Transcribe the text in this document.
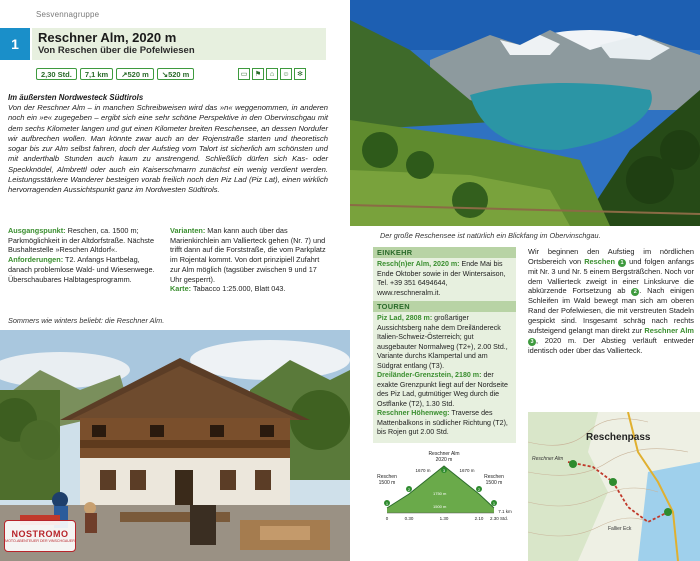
Sesvennagruppe
1	Reschner Alm, 2020 m
Von Reschen über die Pofelwiesen
2,30 Std.	7,1 km	↗520 m	↘520 m	▭	⚑	⌂	☺	✻
Im äußersten Nordwesteck Südtirols
Von der Reschner Alm – in manchen Schreibweisen wird das »n« weggenommen, in anderen noch ein »e« zugegeben – ergibt sich eine sehr schöne Perspektive in den Obervinschgau mit dem sechs Kilometer langen und gut einen Kilometer breiten Reschensee, an dessen Nordufer wir aufbrechen wollen. Man könnte zwar auch an der Rojenstraße starten und theoretisch sogar bis zur Alm selbst fahren, doch der Aufstieg vom Talort ist sicherlich am schönsten und mit anderthalb Stunden auch kaum zu anstrengend. Schließlich dürfen sich Kas- oder Speckknödel, Almbrettl oder auch ein Kaiserschmarrn zunächst ein wenig verdient werden. Leistungsstärkere Wanderer besteigen vorab freilich noch den Piz Lad (Piz Lat), einen wirklich hervorragenden Aussichtspunkt ganz im Nordwesten Südtirols.

Ausgangspunkt: Reschen, ca. 1500 m; Parkmöglichkeit in der Altdorfstraße. Nächste Bushaltestelle »Reschen Altdorf«.

Anforderungen: T2. Anfangs Hartbelag, danach problemlose Wald- und Wiesenwege. Überschaubares Halbtagesprogramm.

Varianten: Man kann auch über das Marienkirchlein am Vallierteck gehen (Nr. 7) und trifft dann auf die Forststraße, die vom Parkplatz im Rojental kommt. Von dort prinzipiell Zufahrt zur Alm möglich (tagsüber zwischen 9 und 17 Uhr gesperrt).

Karte: Tabacco 1:25.000, Blatt 043.

Sommers wie winters beliebt: die Reschner Alm.
NOSTROMO
MOTO-ABENTEUER DER VINSCHGAUER
Der große Reschensee ist natürlich ein Blickfang im Obervinschgau.
EINKEHR
Resch(n)er Alm, 2020 m: Ende Mai bis Ende Oktober sowie in der Wintersaison, Tel. +39 351 6494644, www.reschneralm.it.
TOUREN

Piz Lad, 2808 m: großartiger Aussichtsberg nahe dem Dreiländereck Italien-Schweiz-Österreich; gut ausgebauter Normalweg (T2+), 2.00 Std., Variante durchs Klampertal und am Südgrat entlang (T3).

Dreiländer-Grenzstein, 2180 m: der exakte Grenzpunkt liegt auf der Nordseite des Piz Lad, gutmütiger Weg durch die Ostflanke (T2), 1.30 Std.

Reschner Höhenweg: Traverse des Mattenbalkons in südlicher Richtung (T2), bis Rojen gut 2.00 Std.

Wir beginnen den Aufstieg im nördlichen Ortsbereich von Reschen 1 und folgen anfangs mit Nr. 3 und Nr. 5 einem Bergsträßchen. Noch vor dem Vallierteck zweigt in einer Linkskurve die abkürzende Fortsetzung ab 2 . Nach einigen Schleifen im Wald bewegt man sich am oberen Rand der Pofelwiesen, die mit verstreuten Stadeln gespickt sind. Insgesamt schräg nach rechts aufsteigend gelangt man direkt zur Reschner Alm 3 , 2020 m. Der Abstieg verläuft entweder identisch oder über das Vallierteck.
Reschner Alm
2020 m
Reschen
1500 m
Reschen
1500 m
1670 m	1670 m
1750 m
1500 m
1
2
3
2
1
0	0.30	1.30	2.10 2.30 Std.
7.1 km
Reschenpass
Reschner Alm
Fallier Eck
